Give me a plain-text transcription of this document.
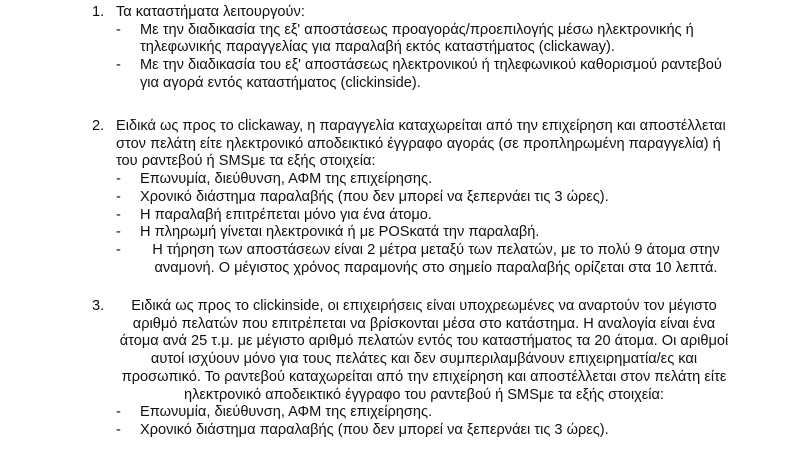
1. Τα καταστήματα λειτουργούν:

- Με την διαδικασία της εξ' αποστάσεως προαγοράς/προεπιλογής μέσω ηλεκτρονικής ή τηλεφωνικής παραγγελίας για παραλαβή εκτός καταστήματος (clickaway).

- Με την διαδικασία του εξ' αποστάσεως ηλεκτρονικού ή τηλεφωνικού καθορισμού ραντεβού για αγορά εντός καταστήματος (clickinside).

2. Ειδικά ως προς το clickaway, η παραγγελία καταχωρείται από την επιχείρηση και αποστέλλεται στον πελάτη είτε ηλεκτρονικό αποδεικτικό έγγραφο αγοράς (σε προπληρωμένη παραγγελία) ή του ραντεβού ή SMSμε τα εξής στοιχεία:

- Επωνυμία, διεύθυνση, ΑΦΜ της επιχείρησης.

- Χρονικό διάστημα παραλαβής (που δεν μπορεί να ξεπερνάει τις 3 ώρες).

- Η παραλαβή επιτρέπεται μόνο για ένα άτομο.

- Η πληρωμή γίνεται ηλεκτρονικά ή με POSκατά την παραλαβή.

-	Η τήρηση των αποστάσεων είναι 2 μέτρα μεταξύ των πελατών, με το πολύ 9 άτομα στην αναμονή. Ο μέγιστος χρόνος παραμονής στο σημείο παραλαβής ορίζεται στα 10 λεπτά.

3.	Ειδικά ως προς το clickinside, οι επιχειρήσεις είναι υποχρεωμένες να αναρτούν τον μέγιστο αριθμό πελατών που επιτρέπεται να βρίσκονται μέσα στο κατάστημα. Η αναλογία είναι ένα άτομα ανά 25 τ.μ. με μέγιστο αριθμό πελατών εντός του καταστήματος τα 20 άτομα. Οι αριθμοί αυτοί ισχύουν μόνο για τους πελάτες και δεν συμπεριλαμβάνουν επιχειρηματία/ες και προσωπικό. Το ραντεβού καταχωρείται από την επιχείρηση και αποστέλλεται στον πελάτη είτε ηλεκτρονικό αποδεικτικό έγγραφο του ραντεβού ή SMSμε τα εξής στοιχεία:

- Επωνυμία, διεύθυνση, ΑΦΜ της επιχείρησης.

- Χρονικό διάστημα παραλαβής (που δεν μπορεί να ξεπερνάει τις 3 ώρες).
